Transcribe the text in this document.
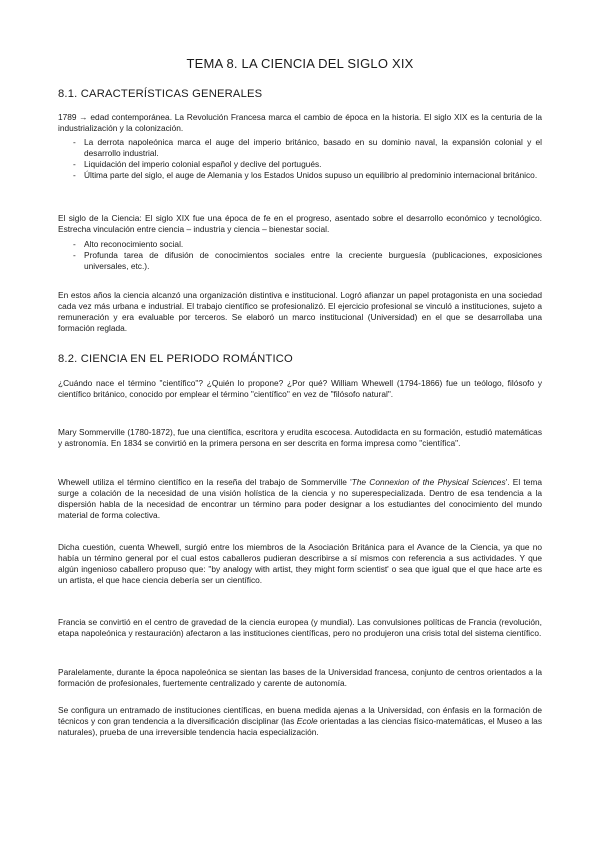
TEMA 8. LA CIENCIA DEL SIGLO XIX
8.1. CARACTERÍSTICAS GENERALES
1789 → edad contemporánea. La Revolución Francesa marca el cambio de época en la historia. El siglo XIX es la centuria de la industrialización y la colonización.
- La derrota napoleónica marca el auge del imperio británico, basado en su dominio naval, la expansión colonial y el desarrollo industrial.
- Liquidación del imperio colonial español y declive del portugués.
- Última parte del siglo, el auge de Alemania y los Estados Unidos supuso un equilibrio al predominio internacional británico.
El siglo de la Ciencia: El siglo XIX fue una época de fe en el progreso, asentado sobre el desarrollo económico y tecnológico. Estrecha vinculación entre ciencia – industria y ciencia – bienestar social.
- Alto reconocimiento social.
- Profunda tarea de difusión de conocimientos sociales entre la creciente burguesía (publicaciones, exposiciones universales, etc.).
En estos años la ciencia alcanzó una organización distintiva e institucional. Logró afianzar un papel protagonista en una sociedad cada vez más urbana e industrial. El trabajo científico se profesionalizó. El ejercicio profesional se vinculó a instituciones, sujeto a remuneración y era evaluable por terceros. Se elaboró un marco institucional (Universidad) en el que se desarrollaba una formación reglada.
8.2. CIENCIA EN EL PERIODO ROMÁNTICO
¿Cuándo nace el término "científico"? ¿Quién lo propone? ¿Por qué? William Whewell (1794-1866) fue un teólogo, filósofo y científico británico, conocido por emplear el término "científico" en vez de "filósofo natural".
Mary Sommerville (1780-1872), fue una científica, escritora y erudita escocesa. Autodidacta en su formación, estudió matemáticas y astronomía. En 1834 se convirtió en la primera persona en ser descrita en forma impresa como "científica".
Whewell utiliza el término científico en la reseña del trabajo de Sommerville 'The Connexion of the Physical Sciences'. El tema surge a colación de la necesidad de una visión holística de la ciencia y no superespecializada. Dentro de esa tendencia a la dispersión habla de la necesidad de encontrar un término para poder designar a los estudiantes del conocimiento del mundo material de forma colectiva.
Dicha cuestión, cuenta Whewell, surgió entre los miembros de la Asociación Británica para el Avance de la Ciencia, ya que no había un término general por el cual estos caballeros pudieran describirse a sí mismos con referencia a sus actividades. Y que algún ingenioso caballero propuso que: "by analogy with artist, they might form scientist' o sea que igual que el que hace arte es un artista, el que hace ciencia debería ser un científico.
Francia se convirtió en el centro de gravedad de la ciencia europea (y mundial). Las convulsiones políticas de Francia (revolución, etapa napoleónica y restauración) afectaron a las instituciones científicas, pero no produjeron una crisis total del sistema científico.
Paralelamente, durante la época napoleónica se sientan las bases de la Universidad francesa, conjunto de centros orientados a la formación de profesionales, fuertemente centralizado y carente de autonomía.
Se configura un entramado de instituciones científicas, en buena medida ajenas a la Universidad, con énfasis en la formación de técnicos y con gran tendencia a la diversificación disciplinar (las Ecole orientadas a las ciencias físico-matemáticas, el Museo a las naturales), prueba de una irreversible tendencia hacia especialización.
